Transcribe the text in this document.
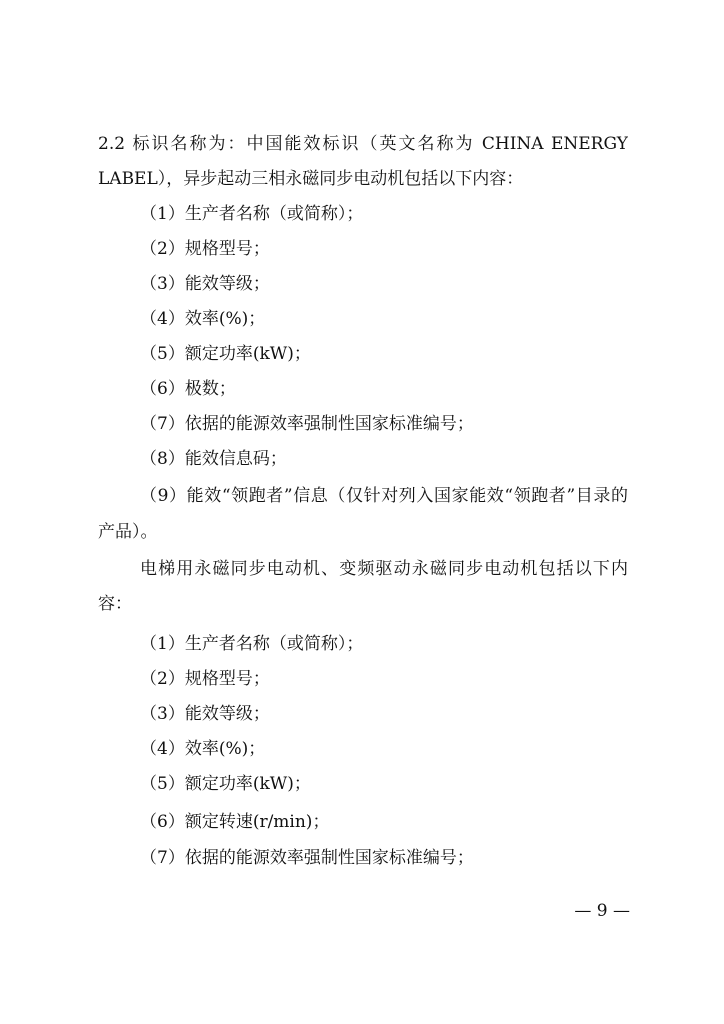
2.2 标识名称为：中国能效标识（英文名称为 CHINA ENERGY
LABEL），异步起动三相永磁同步电动机包括以下内容：
（1）生产者名称（或简称）；
（2）规格型号；
（3）能效等级；
（4）效率(%)；
（5）额定功率(kW)；
（6）极数；
（7）依据的能源效率强制性国家标准编号；
（8）能效信息码；
（9）能效“领跑者”信息（仅针对列入国家能效“领跑者”目录的
产品）。
电梯用永磁同步电动机、变频驱动永磁同步电动机包括以下内
容：
（1）生产者名称（或简称）；
（2）规格型号；
（3）能效等级；
（4）效率(%)；
（5）额定功率(kW)；
（6）额定转速(r/min)；
（7）依据的能源效率强制性国家标准编号；
— 9 —
